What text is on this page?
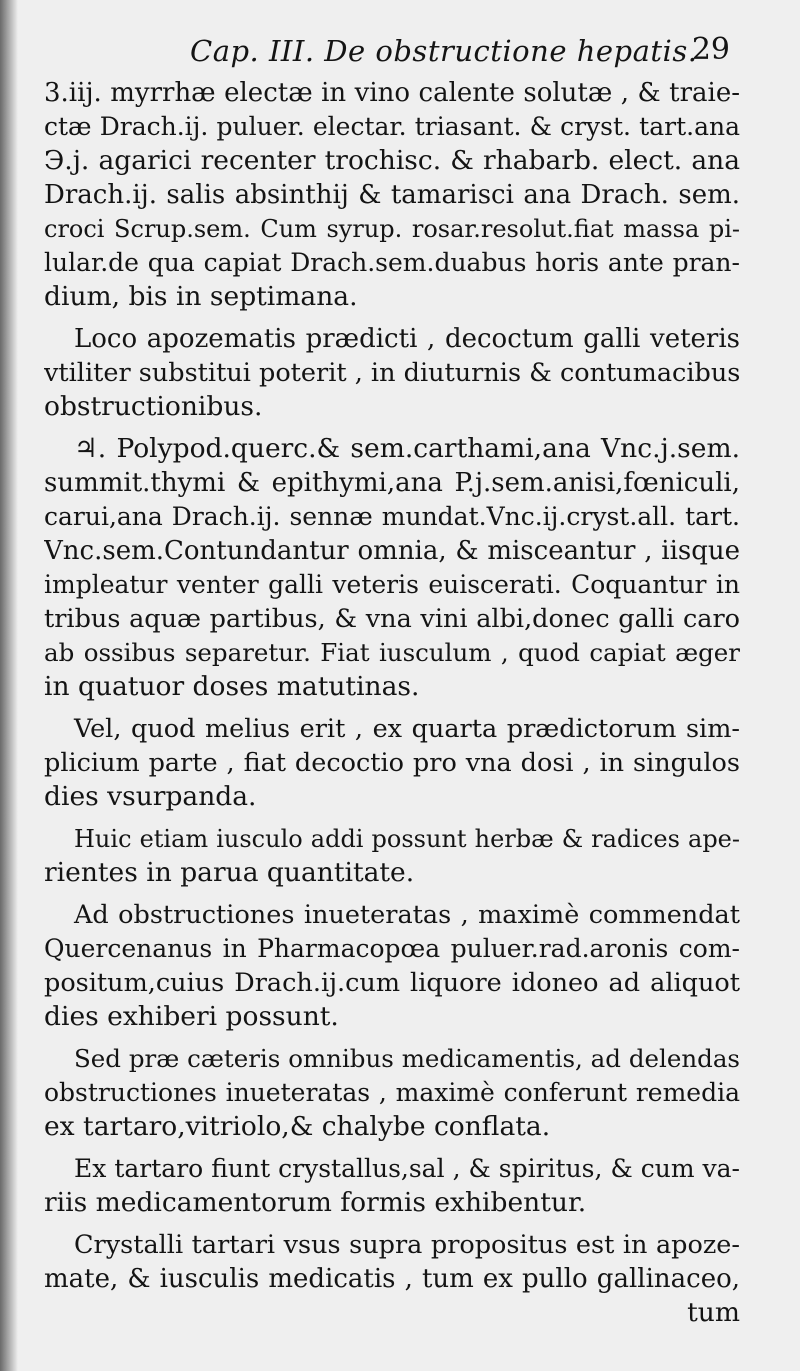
Cap. III. De obstructione hepatis.
29
3.iij. myrrhæ electæ in vino calente solutæ , & traie-
ctæ Drach.ij. puluer. electar. triasant. & cryst. tart.ana
Э.j. agarici recenter trochisc. & rhabarb. elect. ana
Drach.ij. salis absinthij & tamarisci ana Drach. sem.
croci Scrup.sem. Cum syrup. rosar.resolut.fiat massa pi-
lular.de qua capiat Drach.sem.duabus horis ante pran-
dium, bis in septimana.
Loco apozematis prædicti , decoctum galli veteris
vtiliter substitui poterit , in diuturnis & contumacibus
obstructionibus.
♃. Polypod.querc.& sem.carthami,ana Vnc.j.sem.
summit.thymi & epithymi,ana P.j.sem.anisi,fœniculi,
carui,ana Drach.ij. sennæ mundat.Vnc.ij.cryst.all. tart.
Vnc.sem.Contundantur omnia, & misceantur , iisque
impleatur venter galli veteris euiscerati. Coquantur in
tribus aquæ partibus, & vna vini albi,donec galli caro
ab ossibus separetur. Fiat iusculum , quod capiat æger
in quatuor doses matutinas.
Vel, quod melius erit , ex quarta prædictorum sim-
plicium parte , fiat decoctio pro vna dosi , in singulos
dies vsurpanda.
Huic etiam iusculo addi possunt herbæ & radices ape-
rientes in parua quantitate.
Ad obstructiones inueteratas , maximè commendat
Quercenanus in Pharmacopœa puluer.rad.aronis com-
positum,cuius Drach.ij.cum liquore idoneo ad aliquot
dies exhiberi possunt.
Sed præ cæteris omnibus medicamentis, ad delendas
obstructiones inueteratas , maximè conferunt remedia
ex tartaro,vitriolo,& chalybe conflata.
Ex tartaro fiunt crystallus,sal , & spiritus, & cum va-
riis medicamentorum formis exhibentur.
Crystalli tartari vsus supra propositus est in apoze-
mate, & iusculis medicatis , tum ex pullo gallinaceo,
tum
